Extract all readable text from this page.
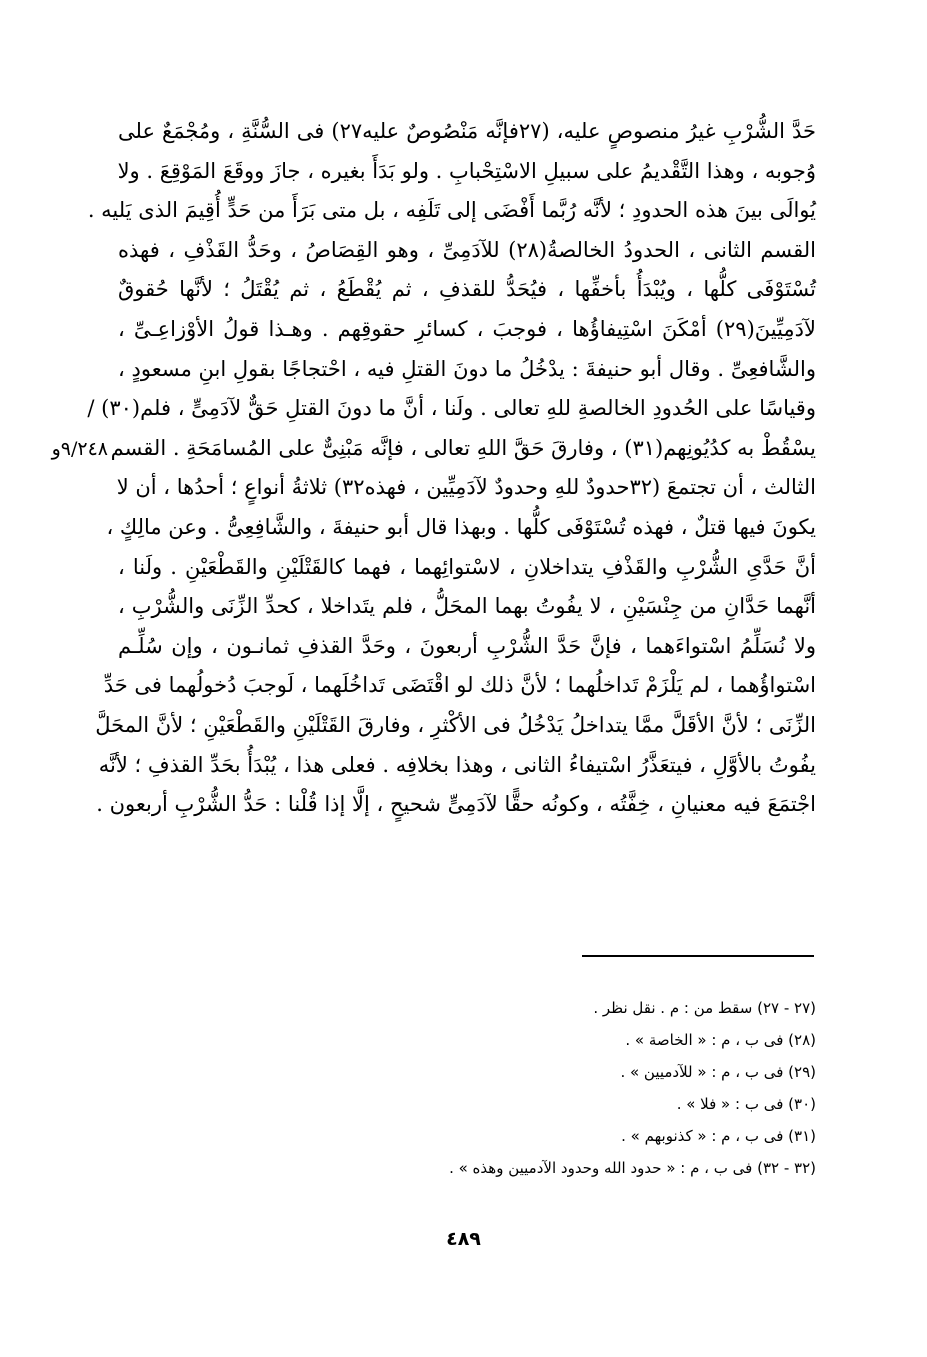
حَدَّ الشُّرْبِ غيرُ منصوصٍ عليه، (٢٧فإنَّه مَنْصُوصٌ عليه٢٧) فى السُّنَّةِ ، ومُجْمَعٌ على
وُجوبه ، وهذا التَّقْديمُ على سبيلِ الاسْتِحْبابِ . ولو بَدَأَ بغيره ، جازَ ووقَعَ المَوْقِعَ . ولا
يُوالَى بينَ هذه الحدودِ ؛ لأنَّه رُبَّما أَفْضَى إلى تَلَفِه ، بل متى بَرَأَ من حَدٍّ أُقِيمَ الذى يَليه .
القسم الثانى ، الحدودُ الخالصةُ(٢٨) للآدَمِىِّ ، وهو القِصَاصُ ، وحَدُّ القَذْفِ ، فهذه
تُسْتَوْفَى كلُّها ، ويُبْدَأُ بأخفِّها ، فيُحَدُّ للقذفِ ، ثم يُقْطَعُ ، ثم يُقْتَلُ ؛ لأنَّها حُقوقٌ
لآدَمِيِّينَ(٢٩) أمْكَنَ اسْتِيفاؤُها ، فوجبَ ، كسائرِ حقوقِهم . وهـذا قولُ الأوْزاعِـىِّ ،
والشَّافعِىِّ . وقال أبو حنيفةَ : يدْخُلُ ما دونَ القتلِ فيه ، احْتجاجًا بقولِ ابنِ مسعودٍ ،
وقياسًا على الحُدودِ الخالصةِ للهِ تعالى . ولَنا ، أنَّ ما دونَ القتلِ حَقٌّ لآدَمِىٍّ ، فلم(٣٠) /
يسْقُطْ به كدُيُونِهم(٣١) ، وفارقَ حَقَّ اللهِ تعالى ، فإنَّه مَبْنِىٌّ على المُسامَحَةِ . القسم
الثالث ، أن تجتمعَ (٣٢حدودٌ للهِ وحدودٌ لآدَمِيِّين ، فهذه٣٢) ثلاثةُ أنواعٍ ؛ أحدُها ، أن لا
يكونَ فيها قتلٌ ، فهذه تُسْتَوْفَى كلُّها . وبهذا قال أبو حنيفةَ ، والشَّافِعِىُّ . وعن مالِكٍ ،
أنَّ حَدَّىِ الشُّرْبِ والقَذْفِ يتداخلانِ ، لاسْتوائِهما ، فهما كالقَتْلَيْنِ والقَطْعَيْنِ . ولَنا ،
أنَّهما حَدَّانِ من جِنْسَيْنِ ، لا يفُوتُ بهما المحَلُّ ، فلم يتَداخلا ، كحدِّ الزِّنَى والشُّرْبِ ،
ولا نُسَلِّمُ اسْتواءَهما ، فإنَّ حَدَّ الشُّرْبِ أربعونَ ، وحَدَّ القذفِ ثمانـون ، وإن سُلِّـم
اسْتواؤُهما ، لم يَلْزَمْ تَداخلُهما ؛ لأنَّ ذلك لو اقْتَضَى تَداخُلَهما ، لَوجبَ دُخولُهما فى حَدِّ
الزِّنَى ؛ لأنَّ الأقَلَّ ممَّا يتداخلُ يَدْخُلُ فى الأكْثرِ ، وفارقَ القَتْلَيْنِ والقَطْعَيْنِ ؛ لأنَّ المحَلَّ
يفُوتُ بالأوَّلِ ، فيتعَذَّرُ اسْتيفاءُ الثانى ، وهذا بخلافِه . فعلى هذا ، يُبْدَأُ بحَدِّ القذفِ ؛ لأنَّه
اجْتمَعَ فيه معنيانِ ، خِفَّتُه ، وكونُه حقًّا لآدَمِىٍّ شحيحٍ ، إلَّا إذا قُلْنا : حَدُّ الشُّرْبِ أربعون .
٩/٢٤٨و
(٢٧ - ٢٧) سقط من : م . نقل نظر .
(٢٨) فى ب ، م : « الخاصة » .
(٢٩) فى ب ، م : « للآدميين » .
(٣٠) فى ب : « فلا » .
(٣١) فى ب ، م : « كذنوبهم » .
(٣٢ - ٣٢) فى ب ، م : « حدود الله وحدود الآدميين وهذه » .
٤٨٩
